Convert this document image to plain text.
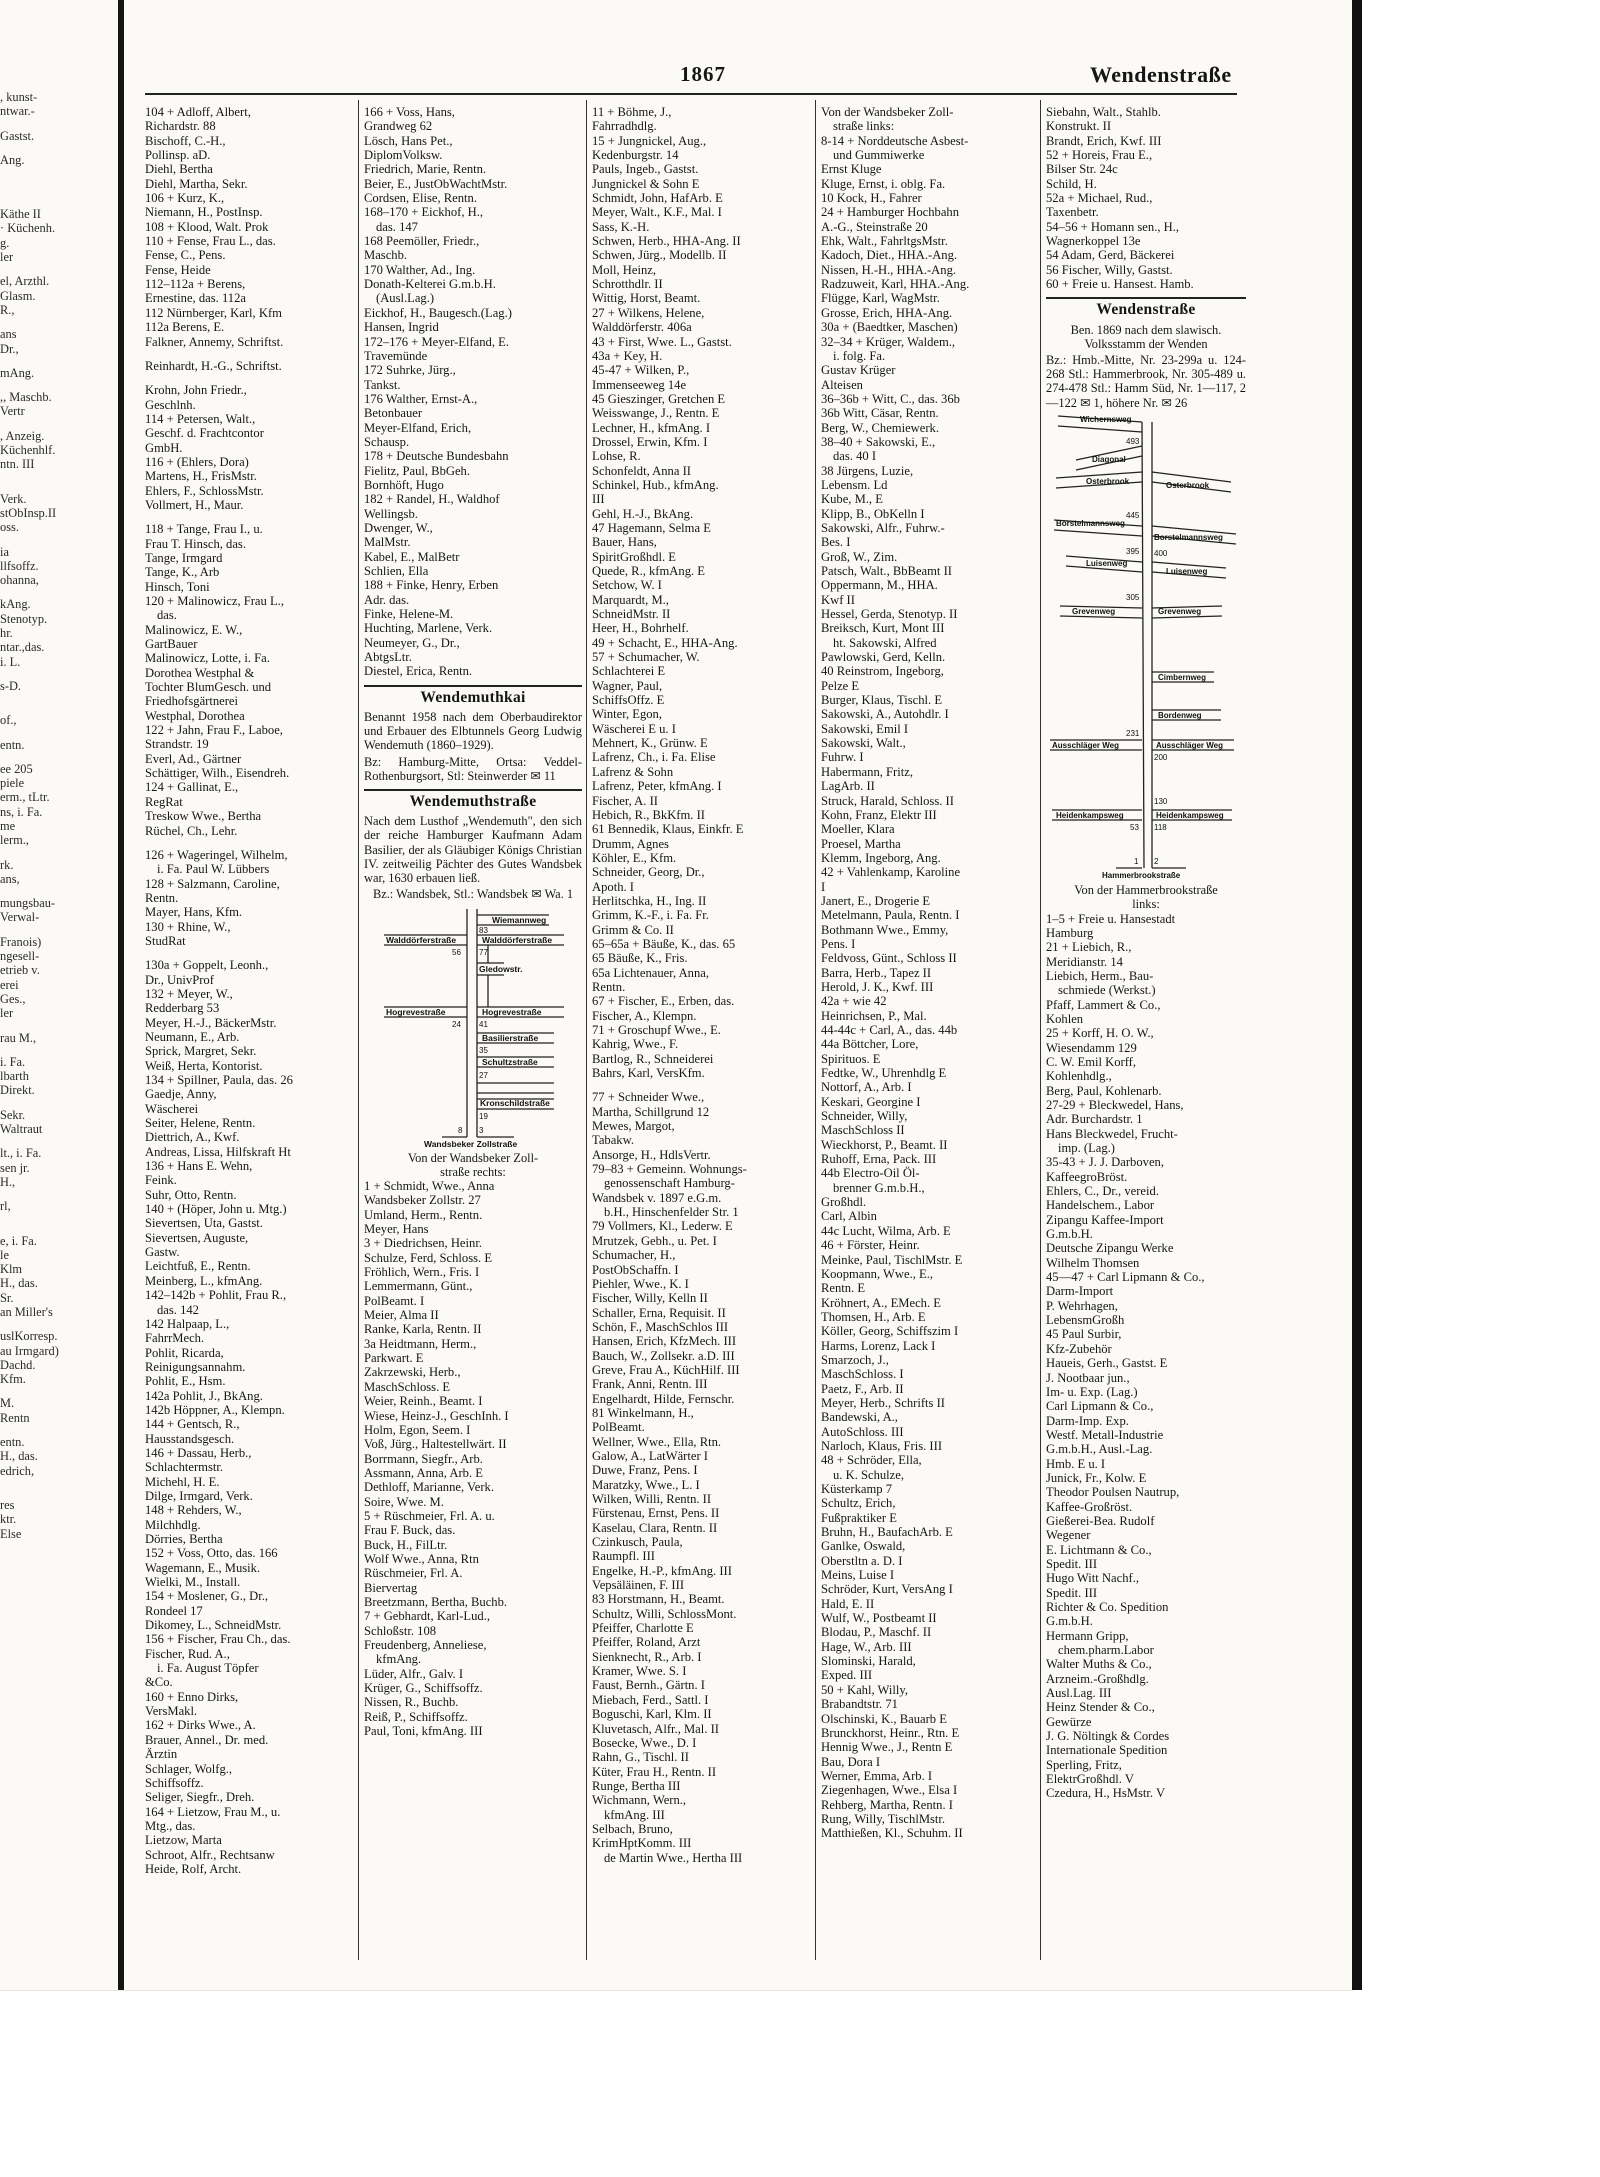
, kunst-
ntwar.-
Gastst.
Ang.
Käthe II
· Küchenh.
g.
ler
el, Arzthl.
Glasm.
R.,
ans
Dr.,
mAng.
,, Maschb.
Vertr
, Anzeig.
Küchenhlf.
ntn. III
Verk.
stObInsp.II
oss.
ia
llfsoffz.
ohanna,
kAng.
Stenotyp.
hr.
ntar.,das.
i. L.
s-D.
of.,
entn.
ee 205
piele
erm., tLtr.
ns, i. Fa.
me
lerm.,
rk.
ans,
mungsbau-
Verwal-
Franois)
ngesell-
etrieb v.
erei
Ges.,
ler
rau M.,
i. Fa.
lbarth
Direkt.
Sekr.
Waltraut
lt., i. Fa.
sen jr.
H.,
rl,
e, i. Fa.
le
Klm
H., das.
Sr.
an Miller's
uslKorresp.
au Irmgard)
Dachd.
Kfm.
M.
Rentn
entn.
H., das.
edrich,
res
ktr.
Else
1867	Wendenstraße
104 + Adloff, Albert,
Richardstr. 88
Bischoff, C.-H.,
Pollinsp. aD.
Diehl, Bertha
Diehl, Martha, Sekr.
106 + Kurz, K.,
Niemann, H., PostInsp.
108 + Klood, Walt. Prok
110 + Fense, Frau L., das.
Fense, C., Pens.
Fense, Heide
112–112a + Berens,
Ernestine, das. 112a
112 Nürnberger, Karl, Kfm
112a Berens, E.
Falkner, Annemy, Schriftst.
Reinhardt, H.-G., Schriftst.
Krohn, John Friedr.,
Geschlnh.
114 + Petersen, Walt.,
Geschf. d. Frachtcontor
GmbH.
116 + (Ehlers, Dora)
Martens, H., FrisMstr.
Ehlers, F., SchlossMstr.
Vollmert, H., Maur.
118 + Tange, Frau I., u.
Frau T. Hinsch, das.
Tange, Irmgard
Tange, K., Arb
Hinsch, Toni
120 + Malinowicz, Frau L.,
das.
Malinowicz, E. W.,
GartBauer
Malinowicz, Lotte, i. Fa.
Dorothea Westphal &
Tochter BlumGesch. und
Friedhofsgärtnerei
Westphal, Dorothea
122 + Jahn, Frau F., Laboe,
Strandstr. 19
Everl, Ad., Gärtner
Schättiger, Wilh., Eisendreh.
124 + Gallinat, E.,
RegRat
Treskow Wwe., Bertha
Rüchel, Ch., Lehr.
126 + Wageringel, Wilhelm,
i. Fa. Paul W. Lübbers
128 + Salzmann, Caroline,
Rentn.
Mayer, Hans, Kfm.
130 + Rhine, W.,
StudRat
130a + Goppelt, Leonh.,
Dr., UnivProf
132 + Meyer, W.,
Redderbarg 53
Meyer, H.-J., BäckerMstr.
Neumann, E., Arb.
Sprick, Margret, Sekr.
Weiß, Herta, Kontorist.
134 + Spillner, Paula, das. 26
Gaedje, Anny,
Wäscherei
Seiter, Helene, Rentn.
Diettrich, A., Kwf.
Andreas, Lissa, Hilfskraft Ht
136 + Hans E. Wehn,
Feink.
Suhr, Otto, Rentn.
140 + (Höper, John u. Mtg.)
Sievertsen, Uta, Gastst.
Sievertsen, Auguste,
Gastw.
Leichtfuß, E., Rentn.
Meinberg, L., kfmAng.
142–142b + Pohlit, Frau R.,
das. 142
142 Halpaap, L.,
FahrrMech.
Pohlit, Ricarda,
Reinigungsannahm.
Pohlit, E., Hsm.
142a Pohlit, J., BkAng.
142b Höppner, A., Klempn.
144 + Gentsch, R.,
Hausstandsgesch.
146 + Dassau, Herb.,
Schlachtermstr.
Michehl, H. E.
Dilge, Irmgard, Verk.
148 + Rehders, W.,
Milchhdlg.
Dörries, Bertha
152 + Voss, Otto, das. 166
Wagemann, E., Musik.
Wielki, M., Install.
154 + Moslener, G., Dr.,
Rondeel 17
Dikomey, L., SchneidMstr.
156 + Fischer, Frau Ch., das.
Fischer, Rud. A.,
i. Fa. August Töpfer
&Co.
160 + Enno Dirks,
VersMakl.
162 + Dirks Wwe., A.
Brauer, Annel., Dr. med.
Ärztin
Schlager, Wolfg.,
Schiffsoffz.
Seliger, Siegfr., Dreh.
164 + Lietzow, Frau M., u.
Mtg., das.
Lietzow, Marta
Schroot, Alfr., Rechtsanw
Heide, Rolf, Archt.
166 + Voss, Hans,
Grandweg 62
Lösch, Hans Pet.,
DiplomVolksw.
Friedrich, Marie, Rentn.
Beier, E., JustObWachtMstr.
Cordsen, Elise, Rentn.
168–170 + Eickhof, H.,
das. 147
168 Peemöller, Friedr.,
Maschb.
170 Walther, Ad., Ing.
Donath-Kelterei G.m.b.H.
(Ausl.Lag.)
Eickhof, H., Baugesch.(Lag.)
Hansen, Ingrid
172–176 + Meyer-Elfand, E.
Travemünde
172 Suhrke, Jürg.,
Tankst.
176 Walther, Ernst-A.,
Betonbauer
Meyer-Elfand, Erich,
Schausp.
178 + Deutsche Bundesbahn
Fielitz, Paul, BbGeh.
Bornhöft, Hugo
182 + Randel, H., Waldhof
Wellingsb.
Dwenger, W.,
MalMstr.
Kabel, E., MalBetr
Schlien, Ella
188 + Finke, Henry, Erben
Adr. das.
Finke, Helene-M.
Huchting, Marlene, Verk.
Neumeyer, G., Dr.,
AbtgsLtr.
Diestel, Erica, Rentn.
Wendemuthkai
Benannt 1958 nach dem Oberbaudirektor und Erbauer des Elbtunnels Georg Ludwig Wendemuth (1860–1929).
Bz: Hamburg-Mitte, Ortsa: Veddel-Rothenburgsort, Stl: Steinwerder ✉ 11
Wendemuthstraße
Nach dem Lusthof „Wendemuth", den sich der reiche Hamburger Kaufmann Adam Basilier, der als Gläubiger Königs Christian IV. zeitweilig Pächter des Gutes Wandsbek war, 1630 erbauen ließ.
Bz.: Wandsbek, Stl.: Wandsbek ✉ Wa. 1
Wiemannweg
Walddörferstraße	Walddörferstraße
Gledowstr.
Hogrevestraße	Hogrevestraße
Basilierstraße
Schultzstraße
Kronschildstraße
Wandsbeker Zollstraße
83
56 77
24 41
35
27
19
8 3
Von der Wandsbeker Zoll-
straße rechts:
1 + Schmidt, Wwe., Anna
Wandsbeker Zollstr. 27
Umland, Herm., Rentn.
Meyer, Hans
3 + Diedrichsen, Heinr.
Schulze, Ferd, Schloss. E
Fröhlich, Wern., Fris. I
Lemmermann, Günt.,
PolBeamt. I
Meier, Alma II
Ranke, Karla, Rentn. II
3a Heidtmann, Herm.,
Parkwart. E
Zakrzewski, Herb.,
MaschSchloss. E
Weier, Reinh., Beamt. I
Wiese, Heinz-J., GeschInh. I
Holm, Egon, Seem. I
Voß, Jürg., Haltestellwärt. II
Borrmann, Siegfr., Arb.
Assmann, Anna, Arb. E
Dethloff, Marianne, Verk.
Soire, Wwe. M.
5 + Rüschmeier, Frl. A. u.
Frau F. Buck, das.
Buck, H., FilLtr.
Wolf Wwe., Anna, Rtn
Rüschmeier, Frl. A.
Biervertag
Breetzmann, Bertha, Buchb.
7 + Gebhardt, Karl-Lud.,
Schloßstr. 108
Freudenberg, Anneliese,
kfmAng.
Lüder, Alfr., Galv. I
Krüger, G., Schiffsoffz.
Nissen, R., Buchb.
Reiß, P., Schiffsoffz.
Paul, Toni, kfmAng. III
11 + Böhme, J.,
Fahrradhdlg.
15 + Jungnickel, Aug.,
Kedenburgstr. 14
Pauls, Ingeb., Gastst.
Jungnickel & Sohn E
Schmidt, John, HafArb. E
Meyer, Walt., K.F., Mal. I
Sass, K.-H.
Schwen, Herb., HHA-Ang. II
Schwen, Jürg., Modellb. II
Moll, Heinz,
Schrotthdlr. II
Wittig, Horst, Beamt.
27 + Wilkens, Helene,
Walddörferstr. 406a
43 + First, Wwe. L., Gastst.
43a + Key, H.
45-47 + Wilken, P.,
Immenseeweg 14e
45 Gieszinger, Gretchen E
Weisswange, J., Rentn. E
Lechner, H., kfmAng. I
Drossel, Erwin, Kfm. I
Lohse, R.
Schonfeldt, Anna II
Schinkel, Hub., kfmAng.
III
Gehl, H.-J., BkAng.
47 Hagemann, Selma E
Bauer, Hans,
SpiritGroßhdl. E
Quede, R., kfmAng. E
Setchow, W. I
Marquardt, M.,
SchneidMstr. II
Heer, H., Bohrhelf.
49 + Schacht, E., HHA-Ang.
57 + Schumacher, W.
Schlachterei E
Wagner, Paul,
SchiffsOffz. E
Winter, Egon,
Wäscherei E u. I
Mehnert, K., Grünw. E
Lafrenz, Ch., i. Fa. Elise
Lafrenz & Sohn
Lafrenz, Peter, kfmAng. I
Fischer, A. II
Hebich, R., BkKfm. II
61 Bennedik, Klaus, Einkfr. E
Drumm, Agnes
Köhler, E., Kfm.
Schneider, Georg, Dr.,
Apoth. I
Herlitschka, H., Ing. II
Grimm, K.-F., i. Fa. Fr.
Grimm & Co. II
65–65a + Bäuße, K., das. 65
65 Bäuße, K., Fris.
65a Lichtenauer, Anna,
Rentn.
67 + Fischer, E., Erben, das.
Fischer, A., Klempn.
71 + Groschupf Wwe., E.
Kahrig, Wwe., F.
Bartlog, R., Schneiderei
Bahrs, Karl, VersKfm.
77 + Schneider Wwe.,
Martha, Schillgrund 12
Mewes, Margot,
Tabakw.
Ansorge, H., HdlsVertr.
79–83 + Gemeinn. Wohnungs-
genossenschaft Hamburg-
Wandsbek v. 1897 e.G.m.
b.H., Hinschenfelder Str. 1
79 Vollmers, Kl., Lederw. E
Mrutzek, Gebh., u. Pet. I
Schumacher, H.,
PostObSchaffn. I
Piehler, Wwe., K. I
Fischer, Willy, Kelln II
Schaller, Erna, Requisit. II
Schön, F., MaschSchlos III
Hansen, Erich, KfzMech. III
Bauch, W., Zollsekr. a.D. III
Greve, Frau A., KüchHilf. III
Frank, Anni, Rentn. III
Engelhardt, Hilde, Fernschr.
81 Winkelmann, H.,
PolBeamt.
Wellner, Wwe., Ella, Rtn.
Galow, A., LatWärter I
Duwe, Franz, Pens. I
Maratzky, Wwe., L. I
Wilken, Willi, Rentn. II
Fürstenau, Ernst, Pens. II
Kaselau, Clara, Rentn. II
Czinkusch, Paula,
Raumpfl. III
Engelke, H.-P., kfmAng. III
Vepsäläinen, F. III
83 Horstmann, H., Beamt.
Schultz, Willi, SchlossMont.
Pfeiffer, Charlotte E
Pfeiffer, Roland, Arzt
Sienknecht, R., Arb. I
Kramer, Wwe. S. I
Faust, Bernh., Gärtn. I
Miebach, Ferd., Sattl. I
Boguschi, Karl, Klm. II
Kluvetasch, Alfr., Mal. II
Bosecke, Wwe., D. I
Rahn, G., Tischl. II
Küter, Frau H., Rentn. II
Runge, Bertha III
Wichmann, Wern.,
kfmAng. III
Selbach, Bruno,
KrimHptKomm. III
de Martin Wwe., Hertha III
Von der Wandsbeker Zoll-
straße links:
8-14 + Norddeutsche Asbest-
und Gummiwerke
Ernst Kluge
Kluge, Ernst, i. oblg. Fa.
10 Kock, H., Fahrer
24 + Hamburger Hochbahn
A.-G., Steinstraße 20
Ehk, Walt., FahrltgsMstr.
Kadoch, Diet., HHA.-Ang.
Nissen, H.-H., HHA.-Ang.
Radzuweit, Karl, HHA.-Ang.
Flügge, Karl, WagMstr.
Grosse, Erich, HHA-Ang.
30a + (Baedtker, Maschen)
32–34 + Krüger, Waldem.,
i. folg. Fa.
Gustav Krüger
Alteisen
36–36b + Witt, C., das. 36b
36b Witt, Cäsar, Rentn.
Berg, W., Chemiewerk.
38–40 + Sakowski, E.,
das. 40 I
38 Jürgens, Luzie,
Lebensm. Ld
Kube, M., E
Klipp, B., ObKelln I
Sakowski, Alfr., Fuhrw.-
Bes. I
Groß, W., Zim.
Patsch, Walt., BbBeamt II
Oppermann, M., HHA.
Kwf II
Hessel, Gerda, Stenotyp. II
Breiksch, Kurt, Mont III
ht. Sakowski, Alfred
Pawlowski, Gerd, Kelln.
40 Reinstrom, Ingeborg,
Pelze E
Burger, Klaus, Tischl. E
Sakowski, A., Autohdlr. I
Sakowski, Emil I
Sakowski, Walt.,
Fuhrw. I
Habermann, Fritz,
LagArb. II
Struck, Harald, Schloss. II
Kohn, Franz, Elektr III
Moeller, Klara
Proesel, Martha
Klemm, Ingeborg, Ang.
42 + Vahlenkamp, Karoline
I
Janert, E., Drogerie E
Metelmann, Paula, Rentn. I
Bothmann Wwe., Emmy,
Pens. I
Feldvoss, Günt., Schloss II
Barra, Herb., Tapez II
Herold, J. K., Kwf. III
42a + wie 42
Heinrichsen, P., Mal.
44-44c + Carl, A., das. 44b
44a Böttcher, Lore,
Spirituos. E
Fedtke, W., Uhrenhdlg E
Nottorf, A., Arb. I
Keskari, Georgine I
Schneider, Willy,
MaschSchloss II
Wieckhorst, P., Beamt. II
Ruhoff, Erna, Pack. III
44b Electro-Oil Öl-
brenner G.m.b.H.,
Großhdl.
Carl, Albin
44c Lucht, Wilma, Arb. E
46 + Förster, Heinr.
Meinke, Paul, TischlMstr. E
Koopmann, Wwe., E.,
Rentn. E
Kröhnert, A., EMech. E
Thomsen, H., Arb. E
Köller, Georg, Schiffszim I
Harms, Lorenz, Lack I
Smarzoch, J.,
MaschSchloss. I
Paetz, F., Arb. II
Meyer, Herb., Schrifts II
Bandewski, A.,
AutoSchloss. III
Narloch, Klaus, Fris. III
48 + Schröder, Ella,
u. K. Schulze,
Küsterkamp 7
Schultz, Erich,
Fußpraktiker E
Bruhn, H., BaufachArb. E
Ganlke, Oswald,
Oberstltn a. D. I
Meins, Luise I
Schröder, Kurt, VersAng I
Hald, E. II
Wulf, W., Postbeamt II
Blodau, P., Maschf. II
Hage, W., Arb. III
Slominski, Harald,
Exped. III
50 + Kahl, Willy,
Brabandtstr. 71
Olschinski, K., Bauarb E
Brunckhorst, Heinr., Rtn. E
Hennig Wwe., J., Rentn E
Bau, Dora I
Werner, Emma, Arb. I
Ziegenhagen, Wwe., Elsa I
Rehberg, Martha, Rentn. I
Rung, Willy, TischlMstr.
Matthießen, Kl., Schuhm. II
Siebahn, Walt., Stahlb.
Konstrukt. II
Brandt, Erich, Kwf. III
52 + Horeis, Frau E.,
Bilser Str. 24c
Schild, H.
52a + Michael, Rud.,
Taxenbetr.
54–56 + Homann sen., H.,
Wagnerkoppel 13e
54 Adam, Gerd, Bäckerei
56 Fischer, Willy, Gastst.
60 + Freie u. Hansest. Hamb.
Wendenstraße
Ben. 1869 nach dem slawisch. Volksstamm der Wenden
Bz.: Hmb.-Mitte, Nr. 23-299a u. 124-268 Stl.: Hammerbrook, Nr. 305-489 u. 274-478 Stl.: Hamm Süd, Nr. 1—117, 2—122 ✉ 1, höhere Nr. ✉ 26
Wichernsweg
Diagonal
Osterbrook	Osterbrook
Borstelmannsweg
Borstelmannsweg
Luisenweg
Luisenweg
Grevenweg	Grevenweg
Cimbernweg
Bordenweg
Ausschläger Weg	Ausschläger Weg
Heidenkampsweg	Heidenkampsweg
Hammerbrookstraße
493
445
395 400
305
231
200
130
53 118
1 2
Von der Hammerbrookstraße
links:
1–5 + Freie u. Hansestadt
Hamburg
21 + Liebich, R.,
Meridianstr. 14
Liebich, Herm., Bau-
schmiede (Werkst.)
Pfaff, Lammert & Co.,
Kohlen
25 + Korff, H. O. W.,
Wiesendamm 129
C. W. Emil Korff,
Kohlenhdlg.,
Berg, Paul, Kohlenarb.
27-29 + Bleckwedel, Hans,
Adr. Burchardstr. 1
Hans Bleckwedel, Frucht-
imp. (Lag.)
35-43 + J. J. Darboven,
KaffeegroBröst.
Ehlers, C., Dr., vereid.
Handelschem., Labor
Zipangu Kaffee-Import
G.m.b.H.
Deutsche Zipangu Werke
Wilhelm Thomsen
45—47 + Carl Lipmann & Co.,
Darm-Import
P. Wehrhagen,
LebensmGroßh
45 Paul Surbir,
Kfz-Zubehör
Haueis, Gerh., Gastst. E
J. Nootbaar jun.,
Im- u. Exp. (Lag.)
Carl Lipmann & Co.,
Darm-Imp. Exp.
Westf. Metall-Industrie
G.m.b.H., Ausl.-Lag.
Hmb. E u. I
Junick, Fr., Kolw. E
Theodor Poulsen Nautrup,
Kaffee-Großröst.
Gießerei-Bea. Rudolf
Wegener
E. Lichtmann & Co.,
Spedit. III
Hugo Witt Nachf.,
Spedit. III
Richter & Co. Spedition
G.m.b.H.
Hermann Gripp,
chem.pharm.Labor
Walter Muths & Co.,
Arzneim.-Großhdlg.
Ausl.Lag. III
Heinz Stender & Co.,
Gewürze
J. G. Nöltingk & Cordes
Internationale Spedition
Sperling, Fritz,
ElektrGroßhdl. V
Czedura, H., HsMstr. V
